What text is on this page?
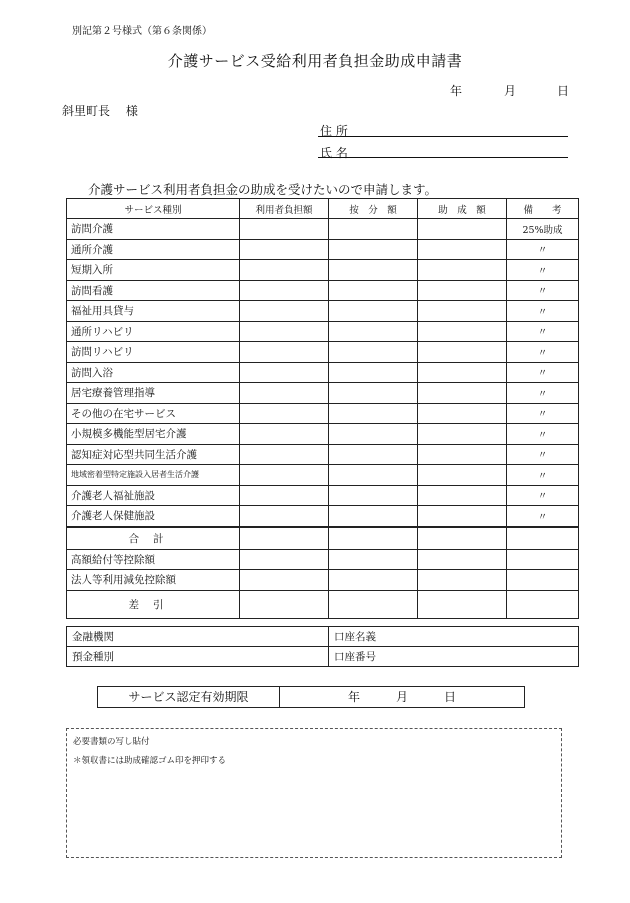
別記第２号様式（第６条関係）
介護サービス受給利用者負担金助成申請書
年	月	日
斜里町長　 様
住 所
氏 名
介護サービス利用者負担金の助成を受けたいので申請します。
サービス種別	利用者負担額	按　分　額	助　成　額	備　　考
訪問介護				25%助成
通所介護				〃
短期入所				〃
訪問看護				〃
福祉用具貸与				〃
通所リハビリ				〃
訪問リハビリ				〃
訪問入浴				〃
居宅療養管理指導				〃
その他の在宅サービス				〃
小規模多機能型居宅介護				〃
認知症対応型共同生活介護				〃
地域密着型特定施設入居者生活介護				〃
介護老人福祉施設				〃
介護老人保健施設				〃
合計				
高額給付等控除額				
法人等利用減免控除額				
差引				
金融機関	口座名義
預金種別	口座番号
サービス認定有効期限	年	月	日
必要書類の写し貼付
＊領収書には助成確認ゴム印を押印する
